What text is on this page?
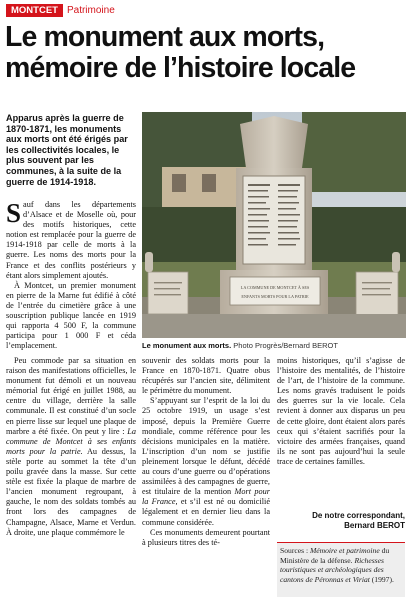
MONTCET Patrimoine
Le monument aux morts,
mémoire de l’histoire locale

Apparus après la guerre de 1870-1871, les monuments aux morts ont été érigés par les collectivités locales, le plus souvent par les communes, à la suite de la guerre de 1914-1918.

Sauf dans les départements d’Alsace et de Moselle où, pour des motifs historiques, cette notion est remplacée pour la guerre de 1914-1918 par celle de morts à la guerre. Les noms des morts pour la France et des conflits postérieurs y étant alors simplement ajoutés.
À Montcet, un premier monument en pierre de la Marne fut édifié à côté de l’entrée du cimetière grâce à une souscription publique lancée en 1919 qui rapporta 4 500 F, la commune participa pour 1 000 F et céda l’emplacement.
LA COMMUNE DE MONTCET À SES
ENFANTS MORTS POUR LA PATRIE
Le monument aux morts. Photo Progrès/Bernard BEROT
Peu commode par sa situation en raison des manifestations officielles, le monument fut démoli et un nouveau mémorial fut érigé en juillet 1988, au centre du village, derrière la salle communale. Il est constitué d’un socle en pierre lisse sur lequel une plaque de marbre a été fixée. On peut y lire : La commune de Montcet à ses enfants morts pour la patrie. Au dessus, la stèle porte au sommet la tête d’un poilu gravée dans la masse. Sur cette stèle est fixée la plaque de marbre de l’ancien monument regroupant, à gauche, le nom des soldats tombés au front lors des campagnes de Champagne, Alsace, Marne et Verdun. À droite, une plaque commémore le
souvenir des soldats morts pour la France en 1870-1871. Quatre obus récupérés sur l’ancien site, délimitent le périmètre du monument.
S’appuyant sur l’esprit de la loi du 25 octobre 1919, un usage s’est imposé, depuis la Première Guerre mondiale, comme référence pour les décisions municipales en la matière. L’inscription d’un nom se justifie pleinement lorsque le défunt, décédé au cours d’une guerre ou d’opérations assimilées à des campagnes de guerre, est titulaire de la mention Mort pour la France, et s’il est né ou domicilié légalement et en dernier lieu dans la commune considérée.
Ces monuments demeurent pourtant à plusieurs titres des té-
moins historiques, qu’il s’agisse de l’histoire des mentalités, de l’histoire de l’art, de l’histoire de la commune. Les noms gravés traduisent le poids des guerres sur la vie locale. Cela revient à donner aux disparus un peu de cette gloire, dont étaient alors parés ceux qui s’étaient sacrifiés pour la victoire des armées françaises, quand ils ne sont pas aujourd’hui la seule trace de certaines familles.
De notre correspondant,
Bernard BEROT
Sources : Mémoire et patrimoine du Ministère de la défense. Richesses touristiques et archéologiques des cantons de Péronnas et Viriat (1997).
